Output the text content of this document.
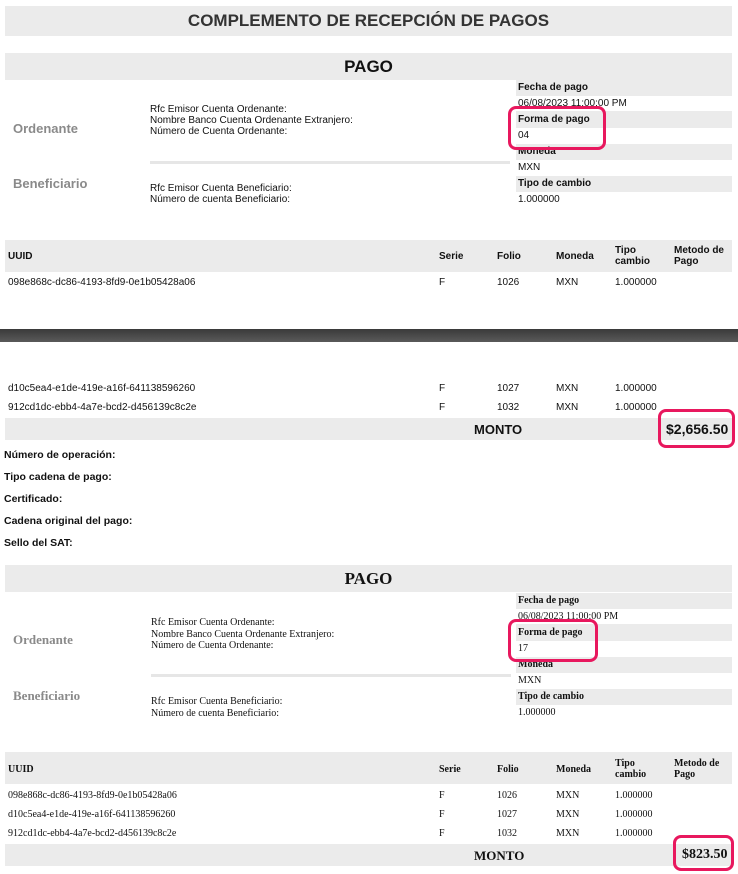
COMPLEMENTO DE RECEPCIÓN DE PAGOS
PAGO
Ordenante
Rfc Emisor Cuenta Ordenante:
Nombre Banco Cuenta Ordenante Extranjero:
Número de Cuenta Ordenante:
Beneficiario	Rfc Emisor Cuenta Beneficiario:
Número de cuenta Beneficiario:
Fecha de pago
06/08/2023 11:00:00 PM
Forma de pago
04
Moneda
MXN
Tipo de cambio
1.000000
UUID	Serie	Folio	Moneda
Tipo
cambio
Metodo de
Pago
098e868c-dc86-4193-8fd9-0e1b05428a06	F	1026	MXN	1.000000
d10c5ea4-e1de-419e-a16f-641138596260	F	1027	MXN	1.000000
912cd1dc-ebb4-4a7e-bcd2-d456139c8c2e	F	1032	MXN	1.000000
MONTO	$2,656.50
Número de operación:
Tipo cadena de pago:
Certificado:
Cadena original del pago:
Sello del SAT:
PAGO
Ordenante
Rfc Emisor Cuenta Ordenante:
Nombre Banco Cuenta Ordenante Extranjero:
Número de Cuenta Ordenante:
Beneficiario	Rfc Emisor Cuenta Beneficiario:
Número de cuenta Beneficiario:
Fecha de pago
06/08/2023 11:00:00 PM
Forma de pago
17
Moneda
MXN
Tipo de cambio
1.000000
UUID	Serie	Folio	Moneda
Tipo
cambio
Metodo de
Pago
098e868c-dc86-4193-8fd9-0e1b05428a06	F	1026	MXN	1.000000
d10c5ea4-e1de-419e-a16f-641138596260	F	1027	MXN	1.000000
912cd1dc-ebb4-4a7e-bcd2-d456139c8c2e	F	1032	MXN	1.000000
MONTO	$823.50
